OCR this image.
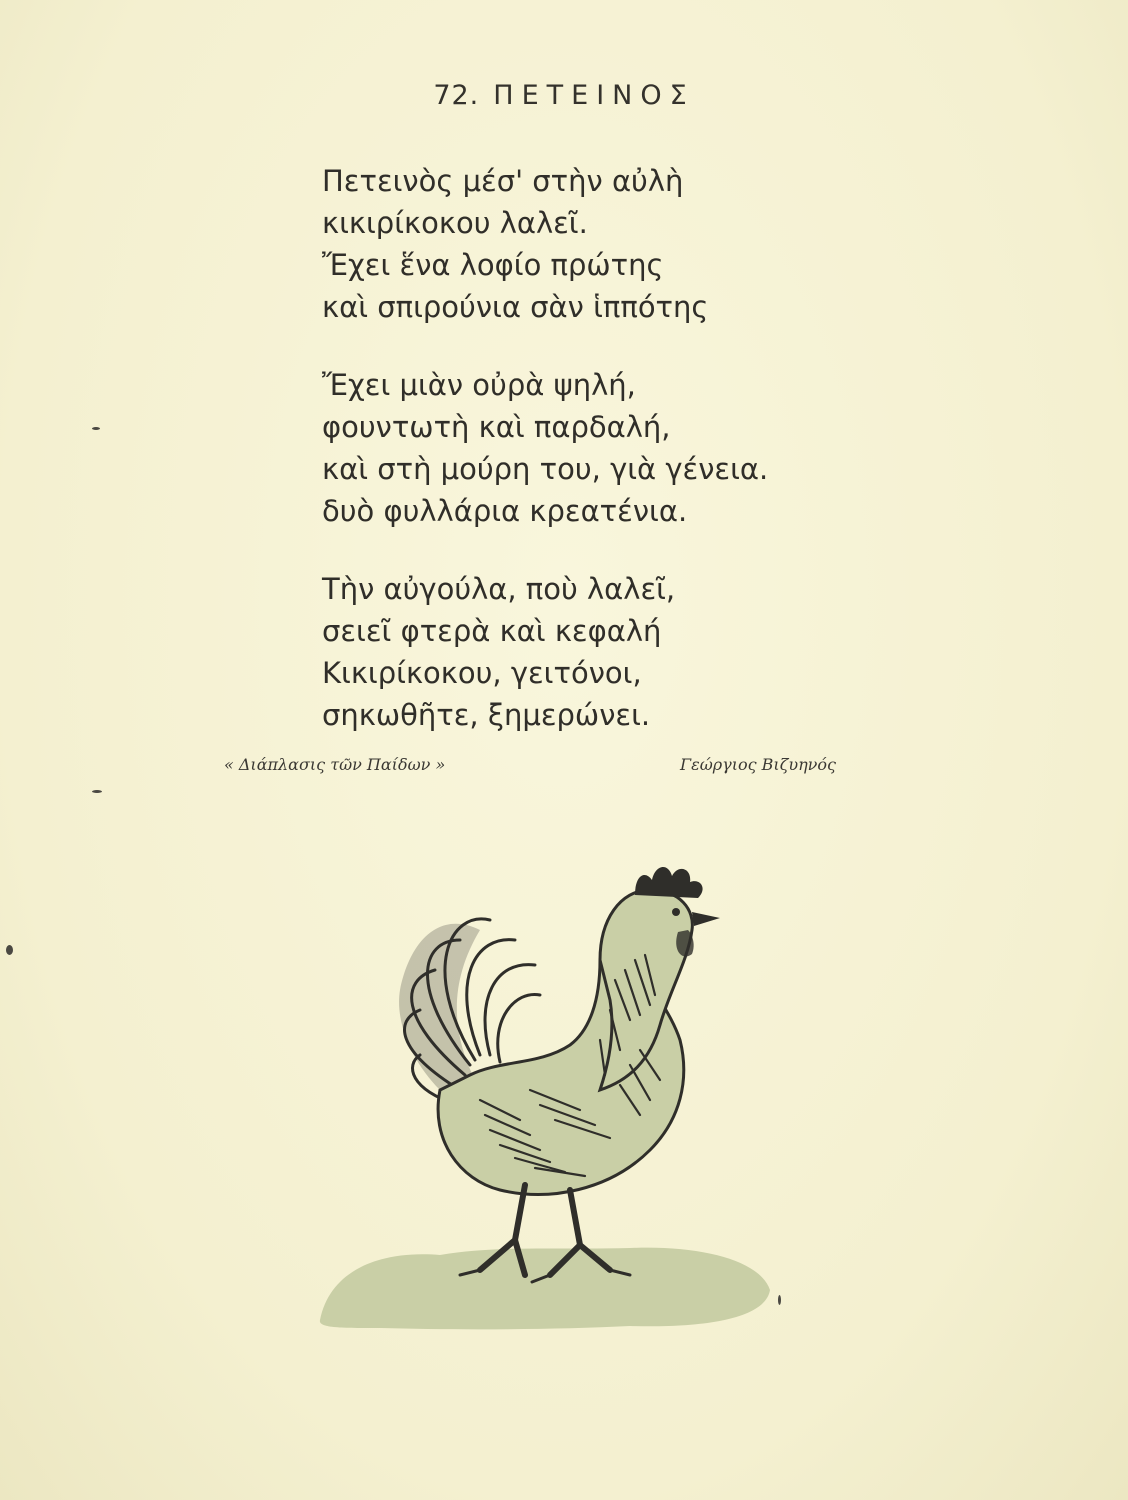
72. ΠΕΤΕΙΝΟΣ
Πετεινὸς μέσ' στὴν αὐλὴ
κικιρίκοκου λαλεῖ.
Ἔχει ἕνα λοφίο πρώτης
καὶ σπιρούνια σὰν ἱππότης
Ἔχει μιὰν οὐρὰ ψηλή,
φουντωτὴ καὶ παρδαλή,
καὶ στὴ μούρη του, γιὰ γένεια.
δυὸ φυλλάρια κρεατένια.
Τὴν αὐγούλα, ποὺ λαλεῖ,
σειεῖ φτερὰ καὶ κεφαλή
Κικιρίκοκου, γειτόνοι,
σηκωθῆτε, ξημερώνει.
« Διάπλασις τῶν Παίδων »	Γεώργιος Βιζυηνός
